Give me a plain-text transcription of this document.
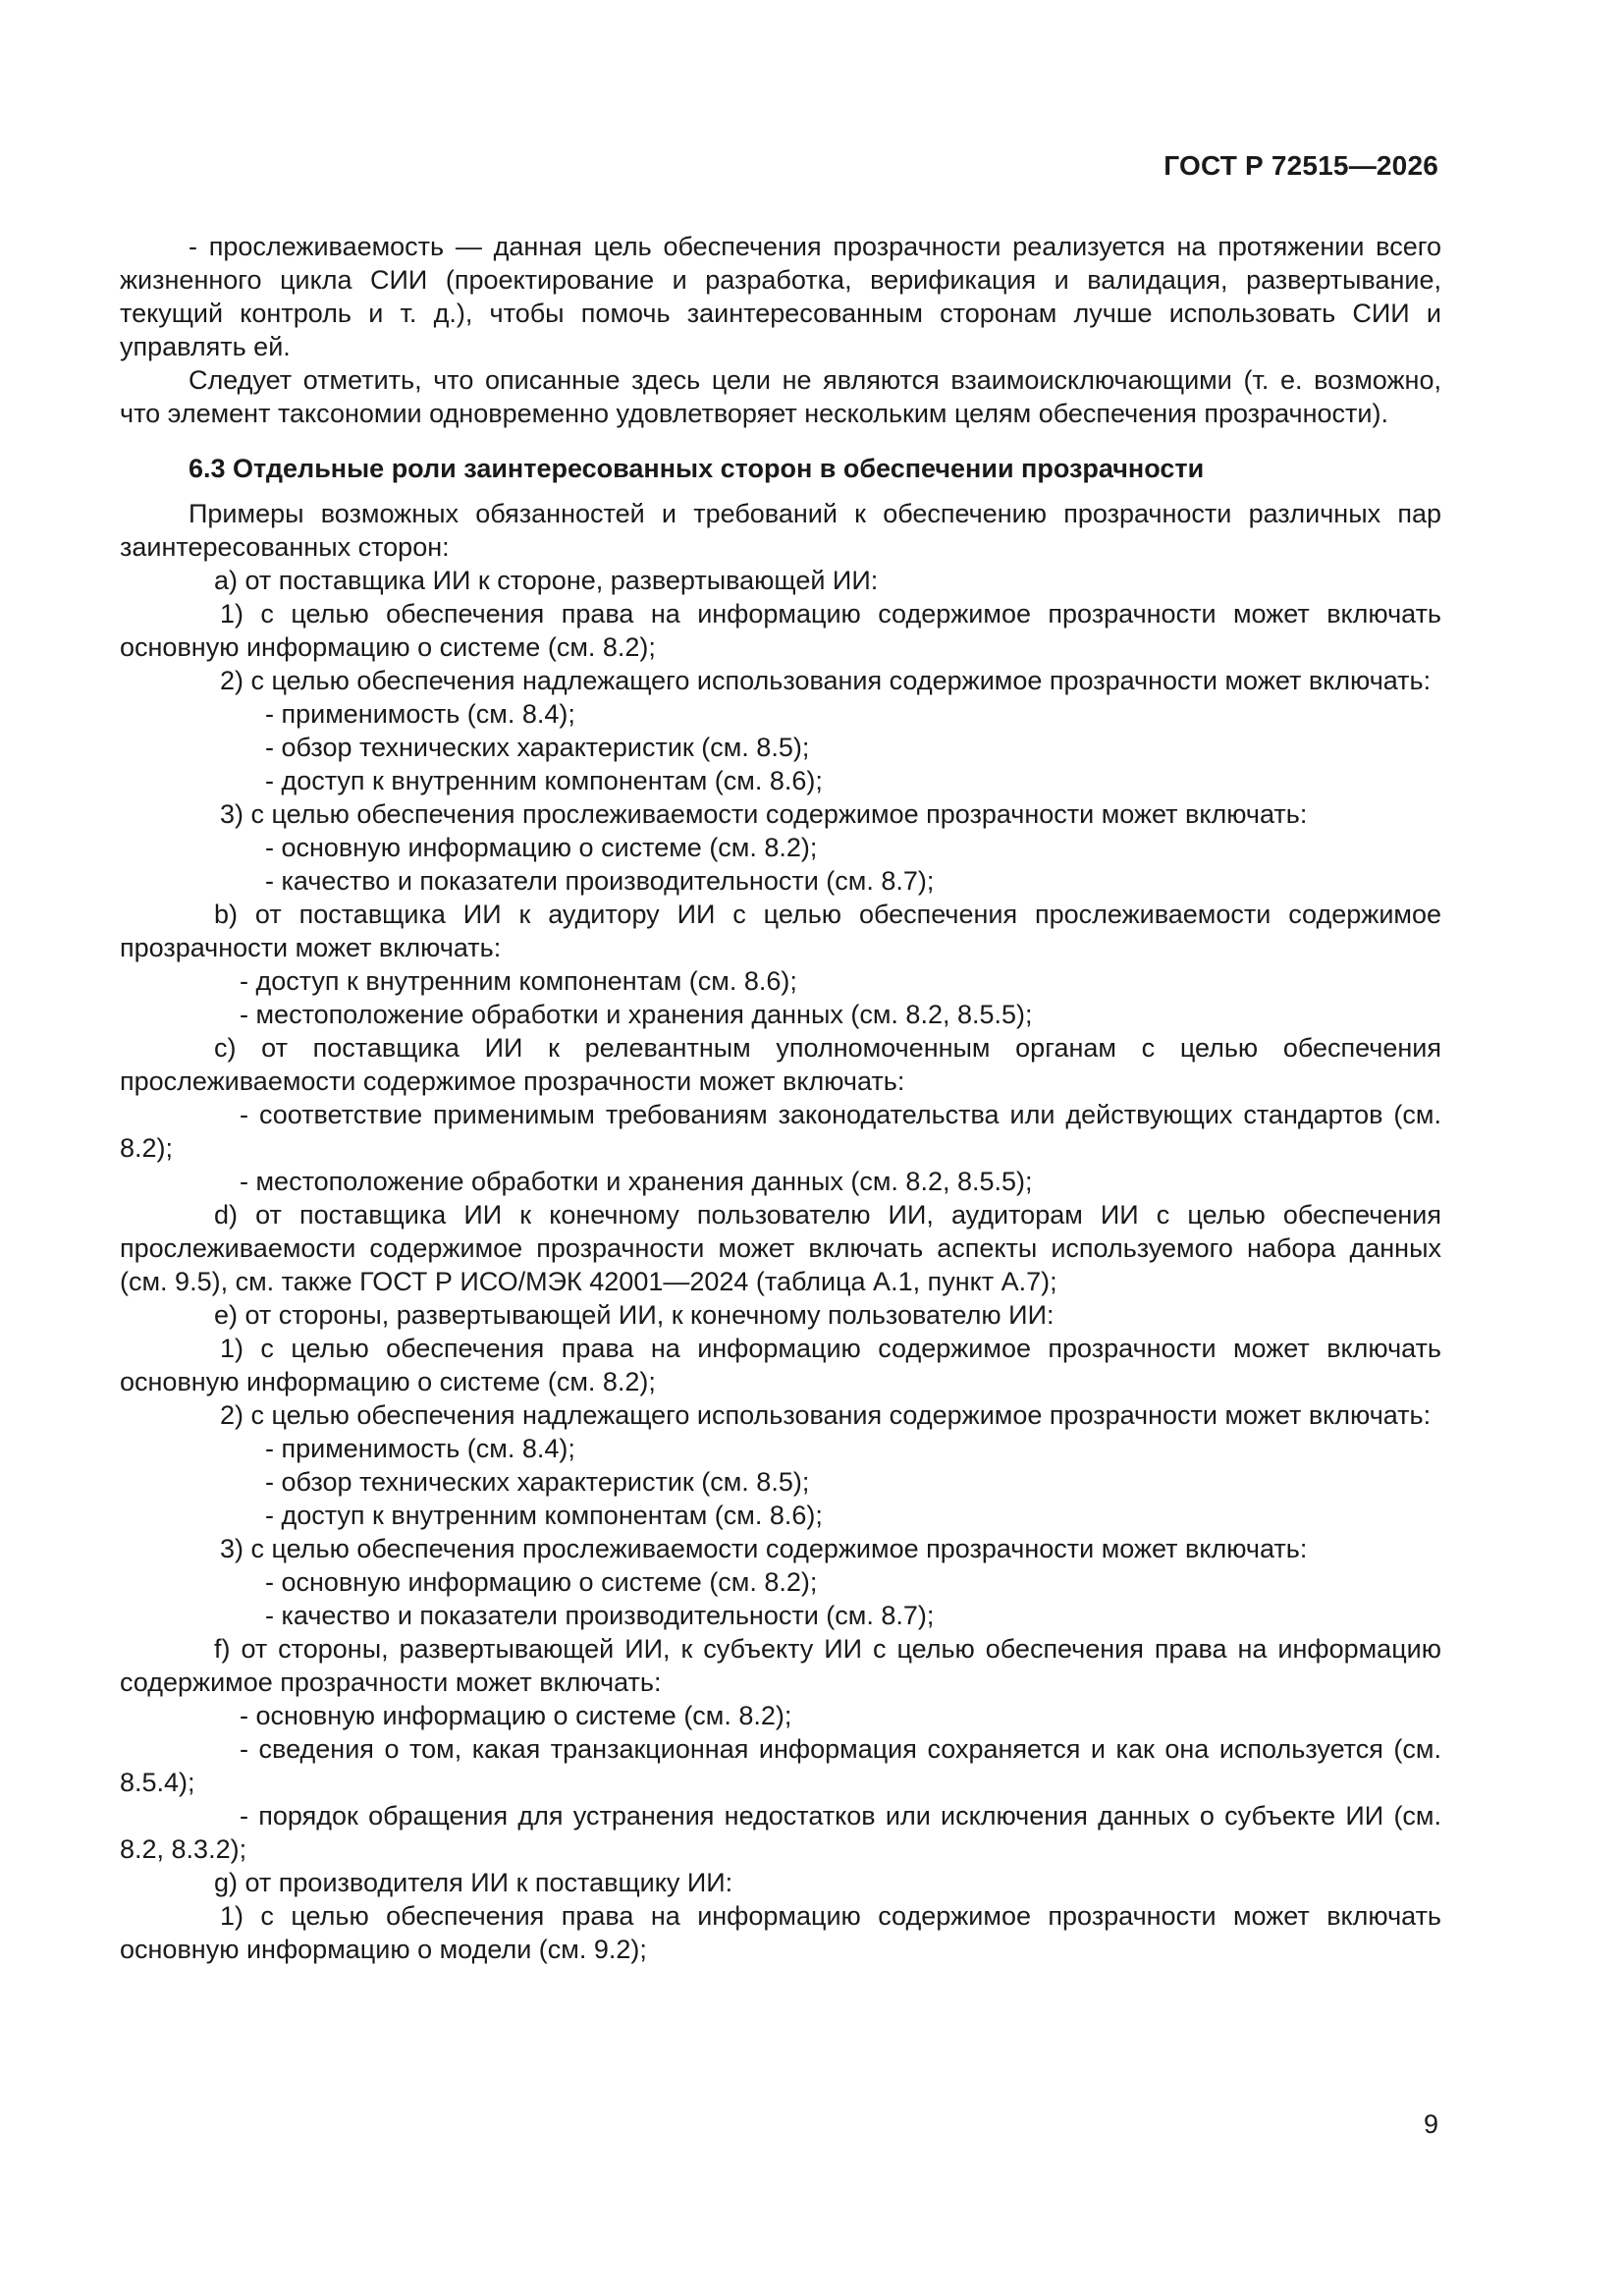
ГОСТ Р 72515—2026

- прослеживаемость — данная цель обеспечения прозрачности реализуется на протяжении всего жизненного цикла СИИ (проектирование и разработка, верификация и валидация, развертывание, текущий контроль и т. д.), чтобы помочь заинтересованным сторонам лучше использовать СИИ и управлять ей.

Следует отметить, что описанные здесь цели не являются взаимоисключающими (т. е. возможно, что элемент таксономии одновременно удовлетворяет нескольким целям обеспечения прозрачности).

6.3 Отдельные роли заинтересованных сторон в обеспечении прозрачности

Примеры возможных обязанностей и требований к обеспечению прозрачности различных пар заинтересованных сторон:

a) от поставщика ИИ к стороне, развертывающей ИИ:

1) с целью обеспечения права на информацию содержимое прозрачности может включать основную информацию о системе (см. 8.2);

2) с целью обеспечения надлежащего использования содержимое прозрачности может включать:

- применимость (см. 8.4);

- обзор технических характеристик (см. 8.5);

- доступ к внутренним компонентам (см. 8.6);

3) с целью обеспечения прослеживаемости содержимое прозрачности может включать:

- основную информацию о системе (см. 8.2);

- качество и показатели производительности (см. 8.7);

b) от поставщика ИИ к аудитору ИИ с целью обеспечения прослеживаемости содержимое прозрачности может включать:

- доступ к внутренним компонентам (см. 8.6);

- местоположение обработки и хранения данных (см. 8.2, 8.5.5);

c) от поставщика ИИ к релевантным уполномоченным органам с целью обеспечения прослеживаемости содержимое прозрачности может включать:

- соответствие применимым требованиям законодательства или действующих стандартов (см. 8.2);

- местоположение обработки и хранения данных (см. 8.2, 8.5.5);

d) от поставщика ИИ к конечному пользователю ИИ, аудиторам ИИ с целью обеспечения прослеживаемости содержимое прозрачности может включать аспекты используемого набора данных (см. 9.5), см. также ГОСТ Р ИСО/МЭК 42001—2024 (таблица А.1, пункт А.7);

e) от стороны, развертывающей ИИ, к конечному пользователю ИИ:

1) с целью обеспечения права на информацию содержимое прозрачности может включать основную информацию о системе (см. 8.2);

2) с целью обеспечения надлежащего использования содержимое прозрачности может включать:

- применимость (см. 8.4);

- обзор технических характеристик (см. 8.5);

- доступ к внутренним компонентам (см. 8.6);

3) с целью обеспечения прослеживаемости содержимое прозрачности может включать:

- основную информацию о системе (см. 8.2);

- качество и показатели производительности (см. 8.7);

f) от стороны, развертывающей ИИ, к субъекту ИИ с целью обеспечения права на информацию содержимое прозрачности может включать:

- основную информацию о системе (см. 8.2);

- сведения о том, какая транзакционная информация сохраняется и как она используется (см. 8.5.4);

- порядок обращения для устранения недостатков или исключения данных о субъекте ИИ (см. 8.2, 8.3.2);

g) от производителя ИИ к поставщику ИИ:

1) с целью обеспечения права на информацию содержимое прозрачности может включать основную информацию о модели (см. 9.2);

9
